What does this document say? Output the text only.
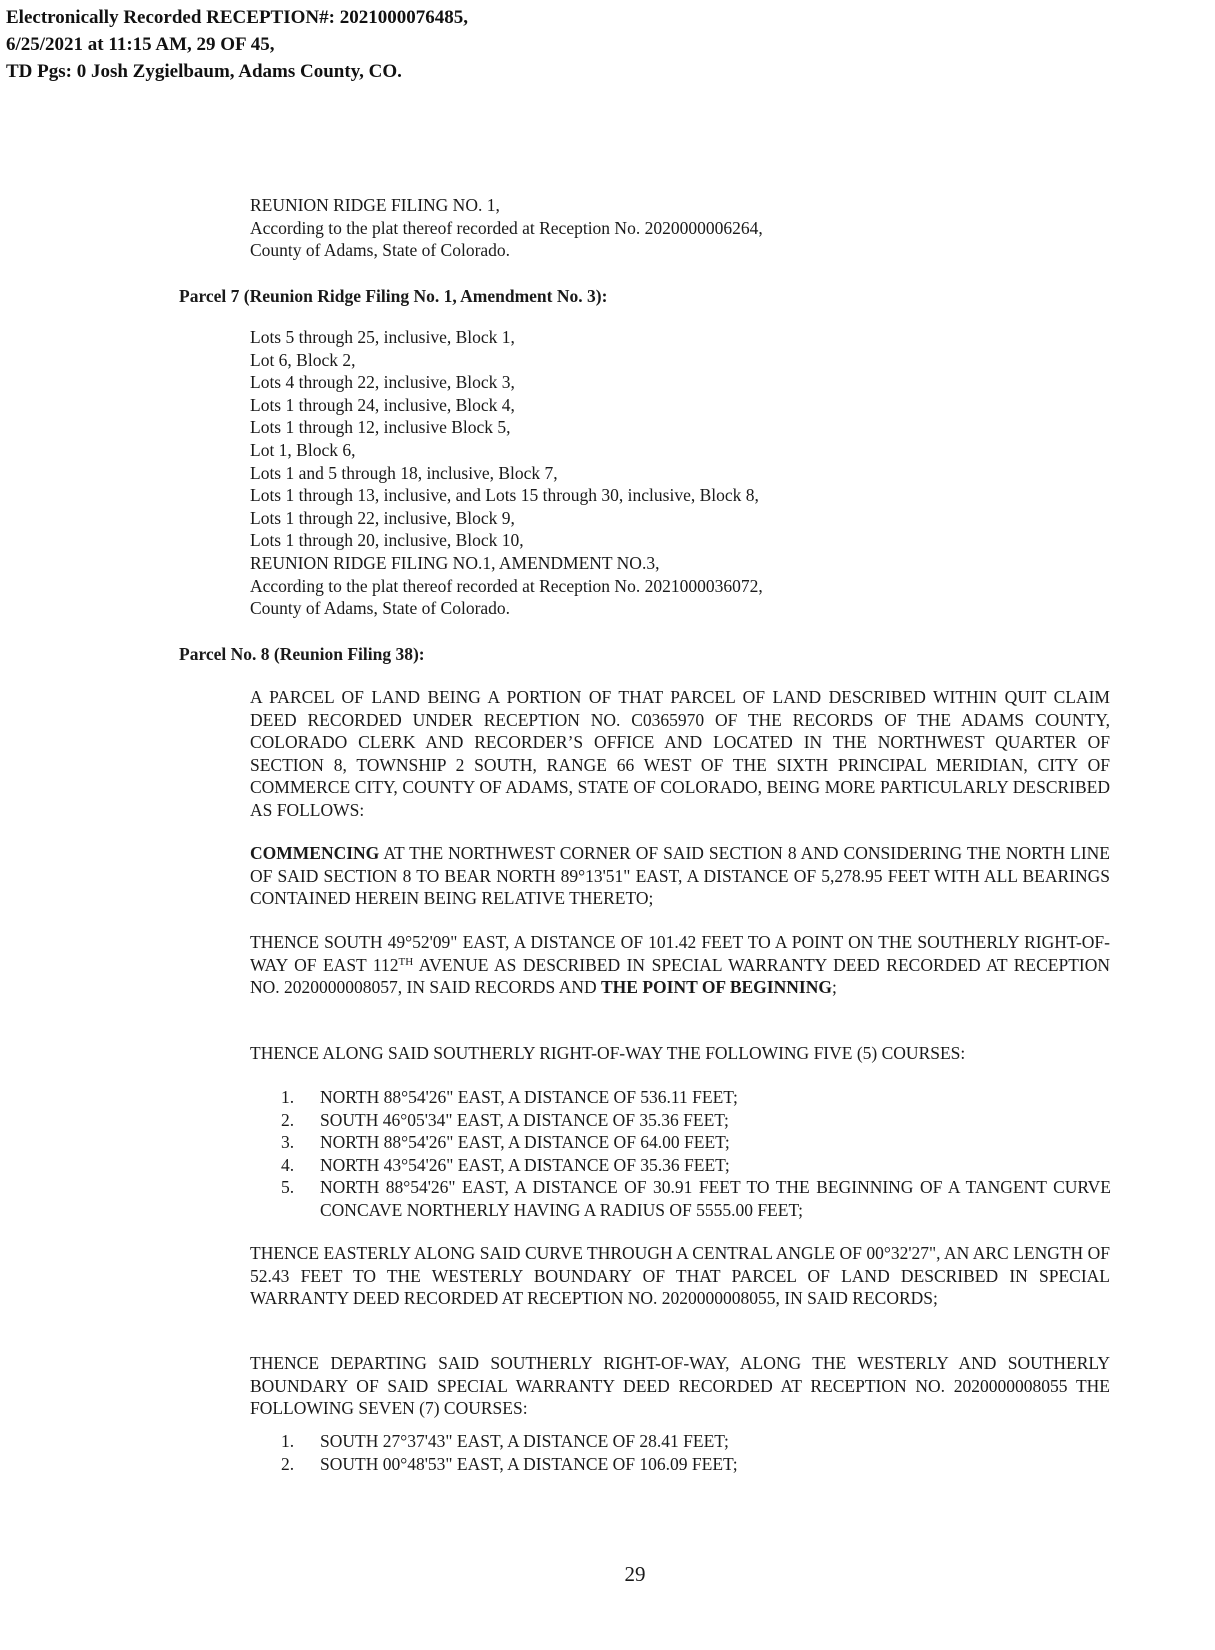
Electronically Recorded RECEPTION#: 2021000076485,
6/25/2021 at 11:15 AM, 29 OF 45,
TD Pgs: 0 Josh Zygielbaum, Adams County, CO.
REUNION RIDGE FILING NO. 1,
According to the plat thereof recorded at Reception No. 2020000006264,
County of Adams, State of Colorado.
Parcel 7 (Reunion Ridge Filing No. 1, Amendment No. 3):
Lots 5 through 25, inclusive, Block 1,
Lot 6, Block 2,
Lots 4 through 22, inclusive, Block 3,
Lots 1 through 24, inclusive, Block 4,
Lots 1 through 12, inclusive Block 5,
Lot 1, Block 6,
Lots 1 and 5 through 18, inclusive, Block 7,
Lots 1 through 13, inclusive, and Lots 15 through 30, inclusive, Block 8,
Lots 1 through 22, inclusive, Block 9,
Lots 1 through 20, inclusive, Block 10,
REUNION RIDGE FILING NO.1, AMENDMENT NO.3,
According to the plat thereof recorded at Reception No. 2021000036072,
County of Adams, State of Colorado.
Parcel No. 8 (Reunion Filing 38):
A PARCEL OF LAND BEING A PORTION OF THAT PARCEL OF LAND DESCRIBED WITHIN QUIT CLAIM DEED RECORDED UNDER RECEPTION NO. C0365970 OF THE RECORDS OF THE ADAMS COUNTY, COLORADO CLERK AND RECORDER’S OFFICE AND LOCATED IN THE NORTHWEST QUARTER OF SECTION 8, TOWNSHIP 2 SOUTH, RANGE 66 WEST OF THE SIXTH PRINCIPAL MERIDIAN, CITY OF COMMERCE CITY, COUNTY OF ADAMS, STATE OF COLORADO, BEING MORE PARTICULARLY DESCRIBED AS FOLLOWS:
COMMENCING AT THE NORTHWEST CORNER OF SAID SECTION 8 AND CONSIDERING THE NORTH LINE OF SAID SECTION 8 TO BEAR NORTH 89°13'51" EAST, A DISTANCE OF 5,278.95 FEET WITH ALL BEARINGS CONTAINED HEREIN BEING RELATIVE THERETO;
THENCE SOUTH 49°52'09" EAST, A DISTANCE OF 101.42 FEET TO A POINT ON THE SOUTHERLY RIGHT-OF-WAY OF EAST 112TH AVENUE AS DESCRIBED IN SPECIAL WARRANTY DEED RECORDED AT RECEPTION NO. 2020000008057, IN SAID RECORDS AND THE POINT OF BEGINNING;
THENCE ALONG SAID SOUTHERLY RIGHT-OF-WAY THE FOLLOWING FIVE (5) COURSES:
1.	NORTH 88°54'26" EAST, A DISTANCE OF 536.11 FEET;
2.	SOUTH 46°05'34" EAST, A DISTANCE OF 35.36 FEET;
3.	NORTH 88°54'26" EAST, A DISTANCE OF 64.00 FEET;
4.	NORTH 43°54'26" EAST, A DISTANCE OF 35.36 FEET;
5.	NORTH 88°54'26" EAST, A DISTANCE OF 30.91 FEET TO THE BEGINNING OF A TANGENT CURVE CONCAVE NORTHERLY HAVING A RADIUS OF 5555.00 FEET;
THENCE EASTERLY ALONG SAID CURVE THROUGH A CENTRAL ANGLE OF 00°32'27", AN ARC LENGTH OF 52.43 FEET TO THE WESTERLY BOUNDARY OF THAT PARCEL OF LAND DESCRIBED IN SPECIAL WARRANTY DEED RECORDED AT RECEPTION NO. 2020000008055, IN SAID RECORDS;
THENCE DEPARTING SAID SOUTHERLY RIGHT-OF-WAY, ALONG THE WESTERLY AND SOUTHERLY BOUNDARY OF SAID SPECIAL WARRANTY DEED RECORDED AT RECEPTION NO. 2020000008055 THE FOLLOWING SEVEN (7) COURSES:
1.	SOUTH 27°37'43" EAST, A DISTANCE OF 28.41 FEET;
2.	SOUTH 00°48'53" EAST, A DISTANCE OF 106.09 FEET;
29
